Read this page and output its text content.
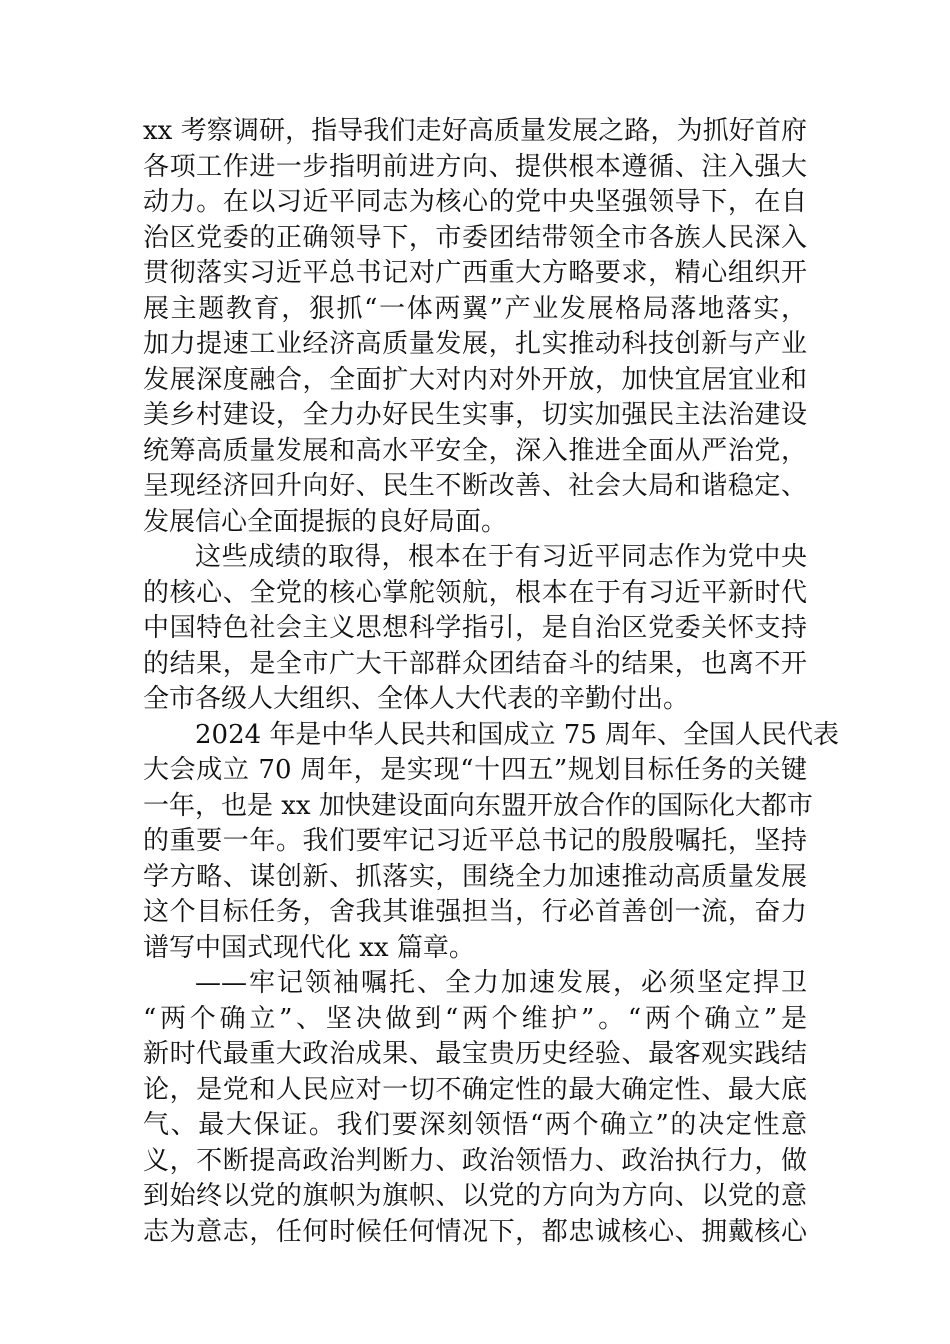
xx 考察调研，指导我们走好高质量发展之路，为抓好首府
各项工作进一步指明前进方向、提供根本遵循、注入强大
动力。在以习近平同志为核心的党中央坚强领导下，在自
治区党委的正确领导下，市委团结带领全市各族人民深入
贯彻落实习近平总书记对广西重大方略要求，精心组织开
展主题教育，狠抓“一体两翼”产业发展格局落地落实，
加力提速工业经济高质量发展，扎实推动科技创新与产业
发展深度融合，全面扩大对内对外开放，加快宜居宜业和
美乡村建设，全力办好民生实事，切实加强民主法治建设
统筹高质量发展和高水平安全，深入推进全面从严治党，
呈现经济回升向好、民生不断改善、社会大局和谐稳定、
发展信心全面提振的良好局面。
这些成绩的取得，根本在于有习近平同志作为党中央
的核心、全党的核心掌舵领航，根本在于有习近平新时代
中国特色社会主义思想科学指引，是自治区党委关怀支持
的结果，是全市广大干部群众团结奋斗的结果，也离不开
全市各级人大组织、全体人大代表的辛勤付出。
2024 年是中华人民共和国成立 75 周年、全国人民代表
大会成立 70 周年，是实现“十四五”规划目标任务的关键
一年，也是 xx 加快建设面向东盟开放合作的国际化大都市
的重要一年。我们要牢记习近平总书记的殷殷嘱托，坚持
学方略、谋创新、抓落实，围绕全力加速推动高质量发展
这个目标任务，舍我其谁强担当，行必首善创一流，奋力
谱写中国式现代化 xx 篇章。
——牢记领袖嘱托、全力加速发展，必须坚定捍卫
“两个确立”、坚决做到“两个维护”。“两个确立”是
新时代最重大政治成果、最宝贵历史经验、最客观实践结
论，是党和人民应对一切不确定性的最大确定性、最大底
气、最大保证。我们要深刻领悟“两个确立”的决定性意
义，不断提高政治判断力、政治领悟力、政治执行力，做
到始终以党的旗帜为旗帜、以党的方向为方向、以党的意
志为意志，任何时候任何情况下，都忠诚核心、拥戴核心
